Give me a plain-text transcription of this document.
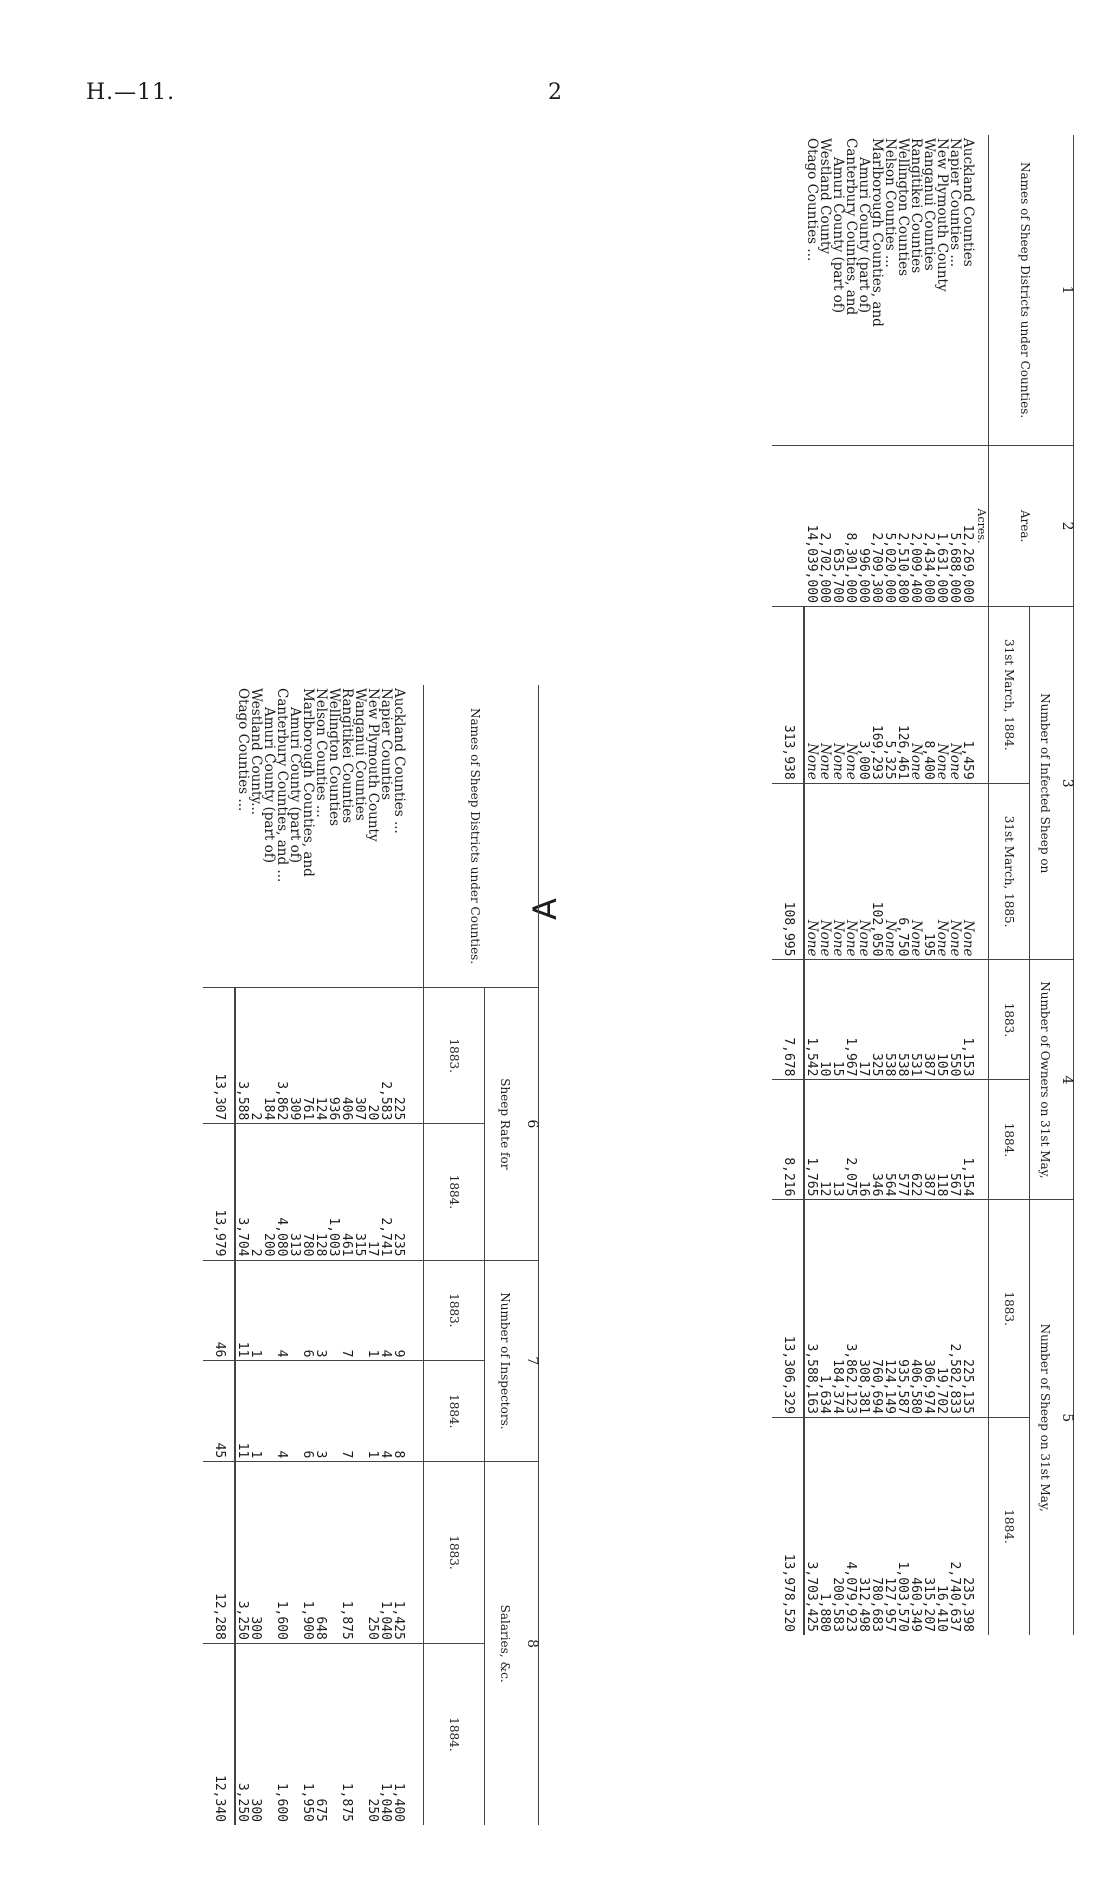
H.—11.	2
A
1	2	3		4		5	
Names of Sheep Districts under Counties.	Area.	Number of Infected Sheep on		Number of Owners on 31st May,		Number of Sheep on 31st May,	
		31st March, 1884.	31st March, 1885.	1883.	1884.	1883.	1884.
	Acres.						
Auckland Counties	12,269,000	1,459	None	1,153	1,154	225,135	235,398
Napier Counties ...	5,688,000	None	None	550	567	2,582,833	2,740,637
New Plymouth County	1,631,000	None	None	105	118	19,702	16,410
Wanganui Counties	2,434,000	8,400	195	387	387	306,974	315,207
Rangitikei Counties	2,009,400	None	None	531	622	406,580	460,349
Wellington Counties	2,510,800	126,461	6,750	538	577	935,587	1,003,570
Nelson Counties ...	5,020,000	5,325	None	538	564	124,149	127,957
Marlborough Counties, and	2,709,300	169,293	102,050	325	346	760,694	780,683
Amuri County (part of)	996,000	3,000	None	17	16	308,381	312,498
Canterbury Counties, and	8,301,000	None	None	1,967	2,075	3,862,123	4,079,923
Amuri County (part of)	635,700	None	None	15	13	184,374	200,583
Westland County	2,702,000	None	None	10	12	1,634	1,880
Otago Counties ...	14,039,000	None	None	1,542	1,765	3,588,163	3,703,425
		313,938	108,995	7,678	8,216	13,306,329	13,978,520
	6		7		8	
Names of Sheep Districts under Counties.	Sheep Rate for		Number of Inspectors.		Salaries, &c.	
	1883.	1884.	1883.	1884.	1883.	1884.

Auckland Counties ...	225	235	9	8	1,425	1,400
Napier Counties	2,583	2,741	4	4	1,040	1,040
New Plymouth County	20	17	1	1	250	250
Wanganui Counties	307	315				
Rangitikei Counties	406	461	7	7	1,875	1,875
Wellington Counties	936	1,003				
Nelson Counties ...	124	128	3	3	648	675
Marlborough Counties, and	761	780	6	6	1,900	1,950
Amuri County (part of)	309	313				
Canterbury Counties, and ...	3,862	4,080	4	4	1,600	1,600
Amuri County (part of)	184	200				
Westland County...	2	2	1	1	300	300
Otago Counties ...	3,588	3,704	11	11	3,250	3,250
	13,307	13,979	46	45	12,288	12,340
